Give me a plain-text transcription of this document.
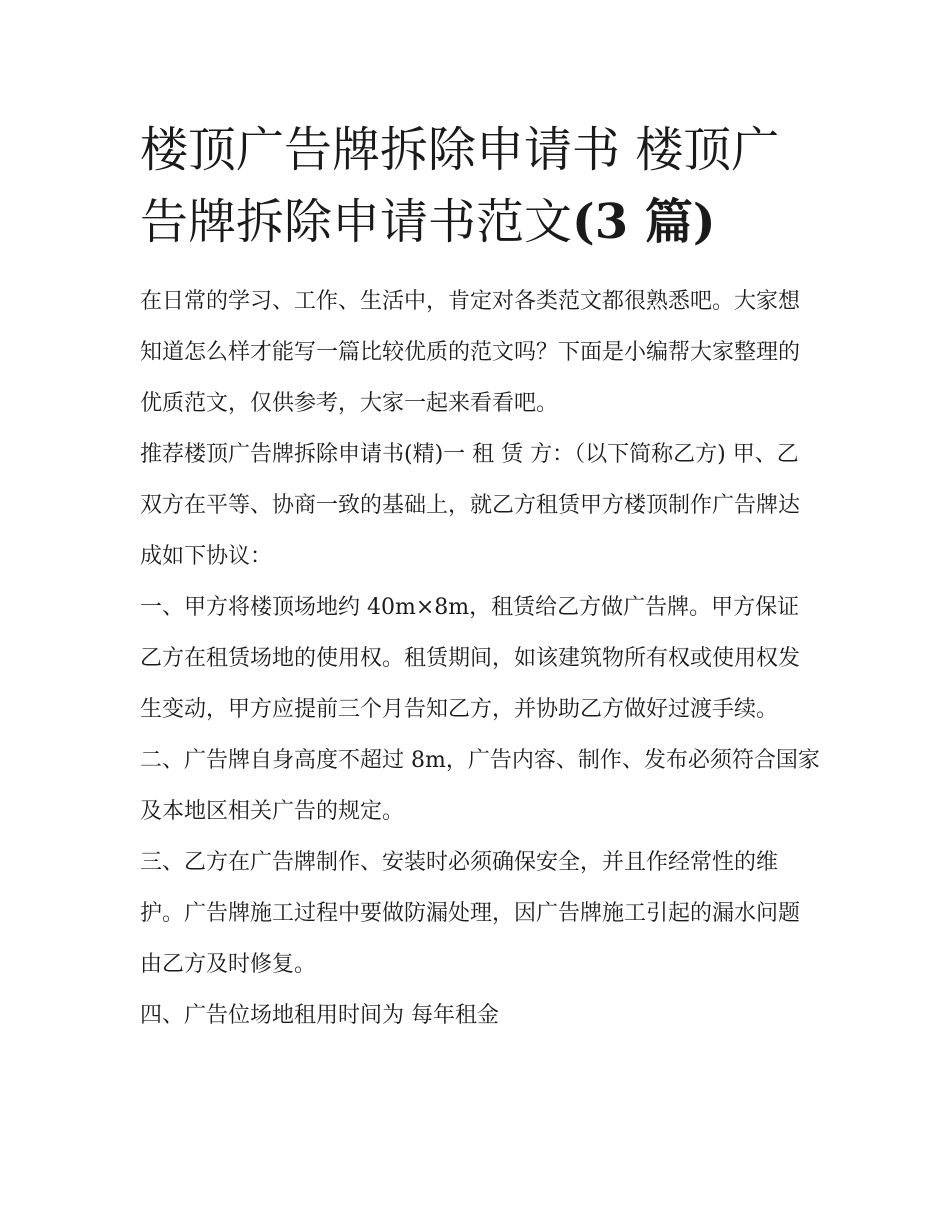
楼顶广告牌拆除申请书 楼顶广告牌拆除申请书范文(3 篇)

在日常的学习、工作、生活中，肯定对各类范文都很熟悉吧。大家想知道怎么样才能写一篇比较优质的范文吗？下面是小编帮大家整理的优质范文，仅供参考，大家一起来看看吧。

推荐楼顶广告牌拆除申请书(精)一 租 赁 方：（以下简称乙方) 甲、乙双方在平等、协商一致的基础上，就乙方租赁甲方楼顶制作广告牌达成如下协议：

一、甲方将楼顶场地约 40m×8m，租赁给乙方做广告牌。甲方保证乙方在租赁场地的使用权。租赁期间，如该建筑物所有权或使用权发生变动，甲方应提前三个月告知乙方，并协助乙方做好过渡手续。

二、广告牌自身高度不超过 8m，广告内容、制作、发布必须符合国家及本地区相关广告的规定。

三、乙方在广告牌制作、安装时必须确保安全，并且作经常性的维护。广告牌施工过程中要做防漏处理，因广告牌施工引起的漏水问题由乙方及时修复。

四、广告位场地租用时间为 每年租金
